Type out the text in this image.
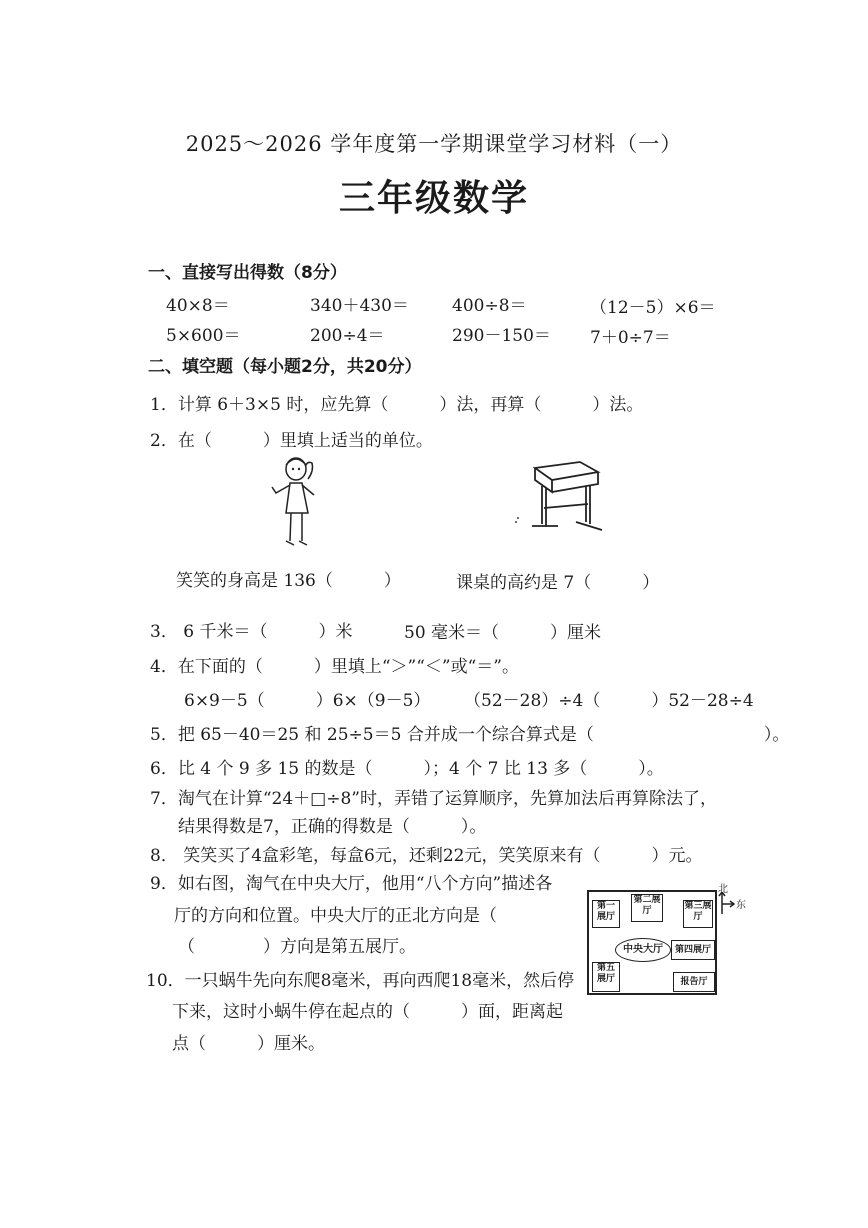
2025～2026 学年度第一学期课堂学习材料（一）
三年级数学
一、直接写出得数（8分）
40×8＝	340＋430＝	400÷8＝	（12－5）×6＝
5×600＝	200÷4＝	290－150＝ 7＋0÷7＝
二、填空题（每小题2分，共20分）
1．计算 6＋3×5 时，应先算（　　　）法，再算（　　　）法。
2．在（　　　）里填上适当的单位。
笑笑的身高是 136（　　　）	课桌的高约是 7（　　　）
3． 6 千米＝（　　　）米	50 毫米＝（　　　）厘米
4．在下面的（　　　）里填上“＞”“＜”或“＝”。
6×9－5（　　　）6×（9－5） （52－28）÷4（　　　）52－28÷4
5．把 65－40＝25 和 25÷5＝5 合并成一个综合算式是（　　　　　　　　　　）。
6．比 4 个 9 多 15 的数是（　　　）；4 个 7 比 13 多（　　　）。
7．淘气在计算“24＋□÷8”时，弄错了运算顺序，先算加法后再算除法了，
结果得数是7，正确的得数是（　　　）。
8． 笑笑买了4盒彩笔，每盒6元，还剩22元，笑笑原来有（　　　）元。
9．如右图，淘气在中央大厅，他用“八个方向”描述各
厅的方向和位置。中央大厅的正北方向是（
（　　　　）方向是第五展厅。
10．一只蜗牛先向东爬8毫米，再向西爬18毫米，然后停
下来，这时小蜗牛停在起点的（　　　）面，距离起
点（　　　）厘米。
第一展厅
第二展厅	第三展厅
中央大厅	第四展厅
第五展厅	报告厅
北
东
